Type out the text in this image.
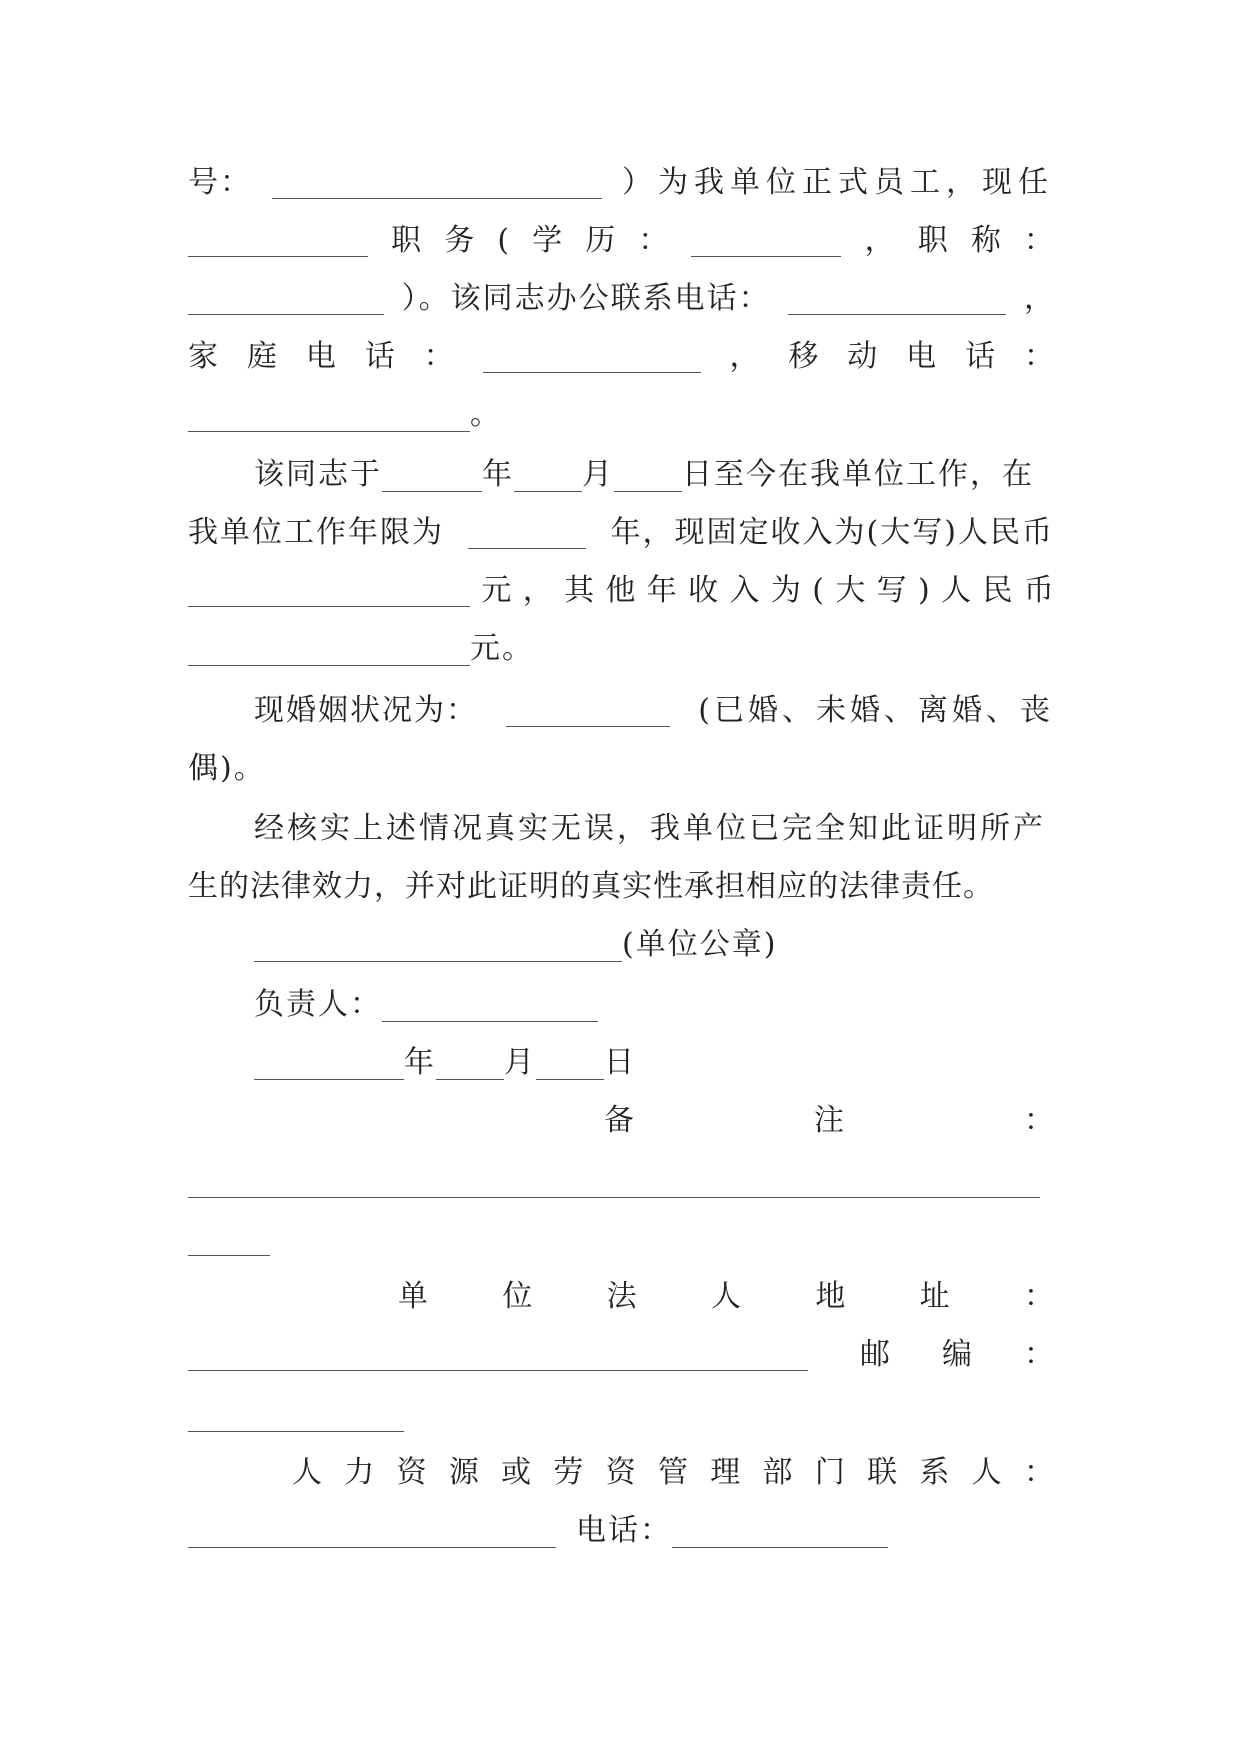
号：	）为我单位正式员工，现任
职 务 ( 学 历 ：	， 职 称 ：
）。该同志办公联系电话：	，
家 庭 电 话 ：	， 移 动 电 话 ：
。
该同志于	年 月 日至今在我单位工作，在
我单位工作年限为	年，现固定收入为(大写)人民币
元 ， 其 他 年 收 入 为 ( 大 写 ) 人 民 币
元。
现婚姻状况为：	(已婚、未婚、离婚、丧
偶)。
经核实上述情况真实无误，我单位已完全知此证明所产
生的法律效力，并对此证明的真实性承担相应的法律责任。
(单位公章)
负责人：
年 月 日
备	注	：
单 位 法 人 地 址 ：
邮 编 ：
人 力 资 源 或 劳 资 管 理 部 门 联 系 人 ：
电话：
